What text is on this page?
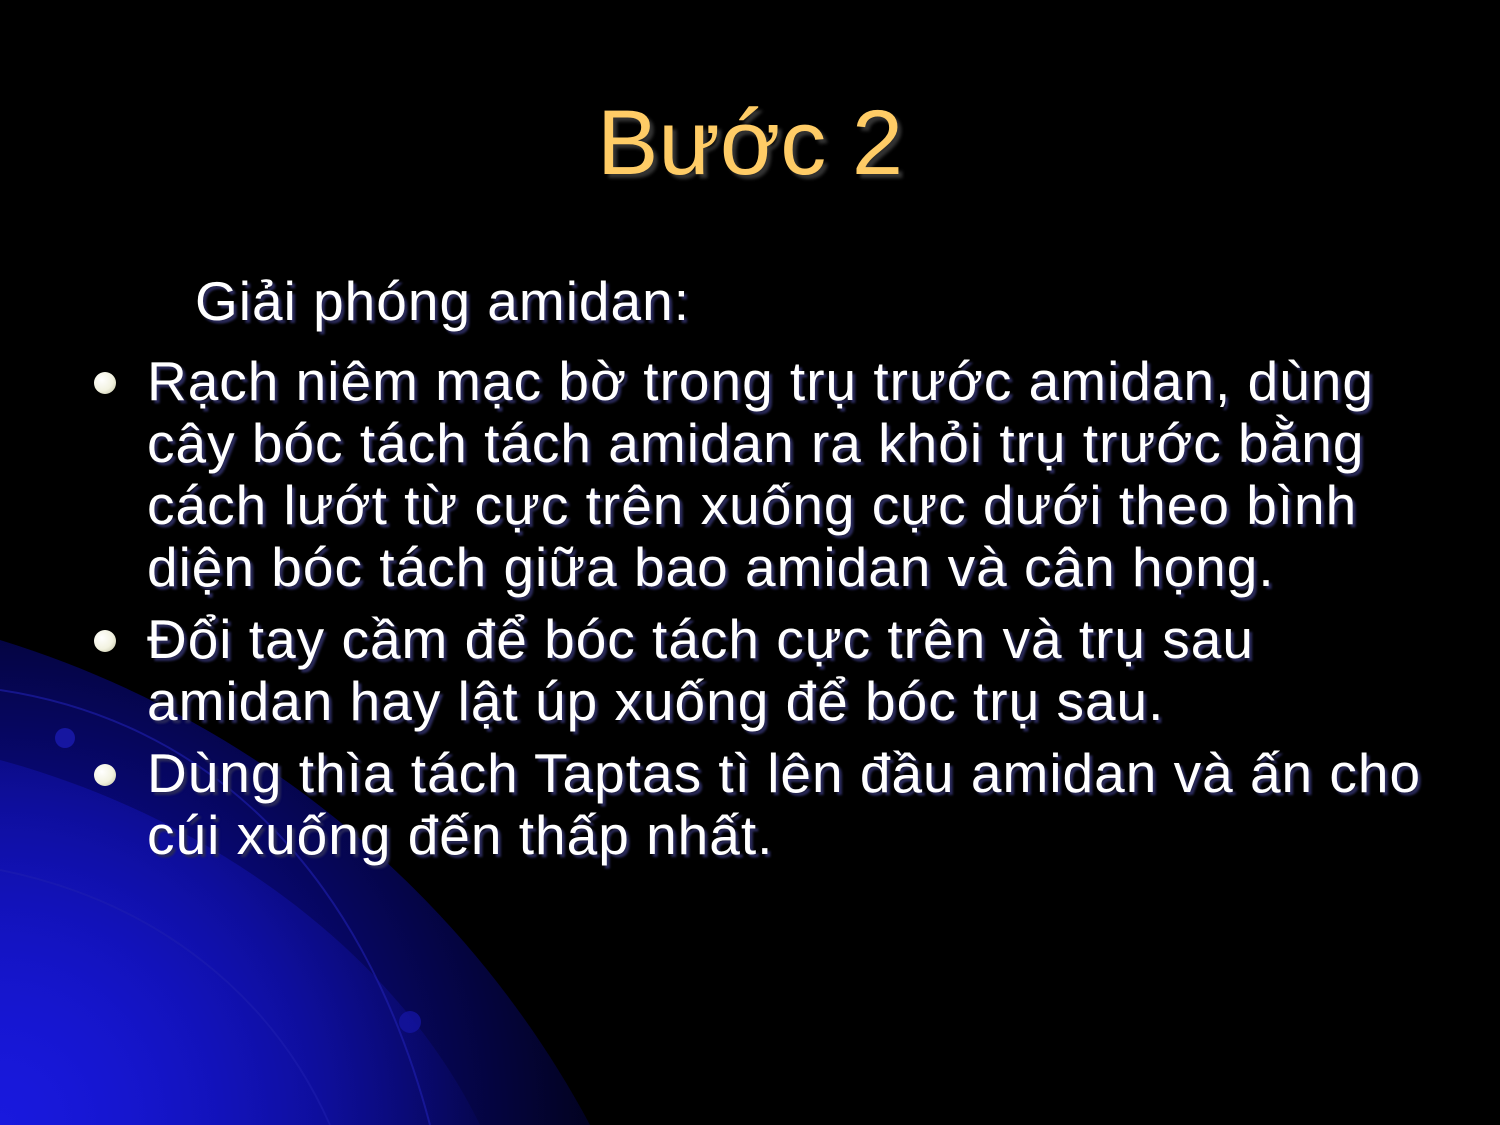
Bước 2

Giải phóng amidan:

Rạch niêm mạc bờ trong trụ trước amidan, dùng cây bóc tách tách amidan ra khỏi trụ trước bằng cách lướt từ cực trên xuống cực dưới theo bình diện bóc tách giữa bao amidan và cân họng.
Đổi tay cầm để bóc tách cực trên và trụ sau amidan hay lật úp xuống để bóc trụ sau.
Dùng thìa tách Taptas tì lên đầu amidan và ấn cho cúi xuống đến thấp nhất.
